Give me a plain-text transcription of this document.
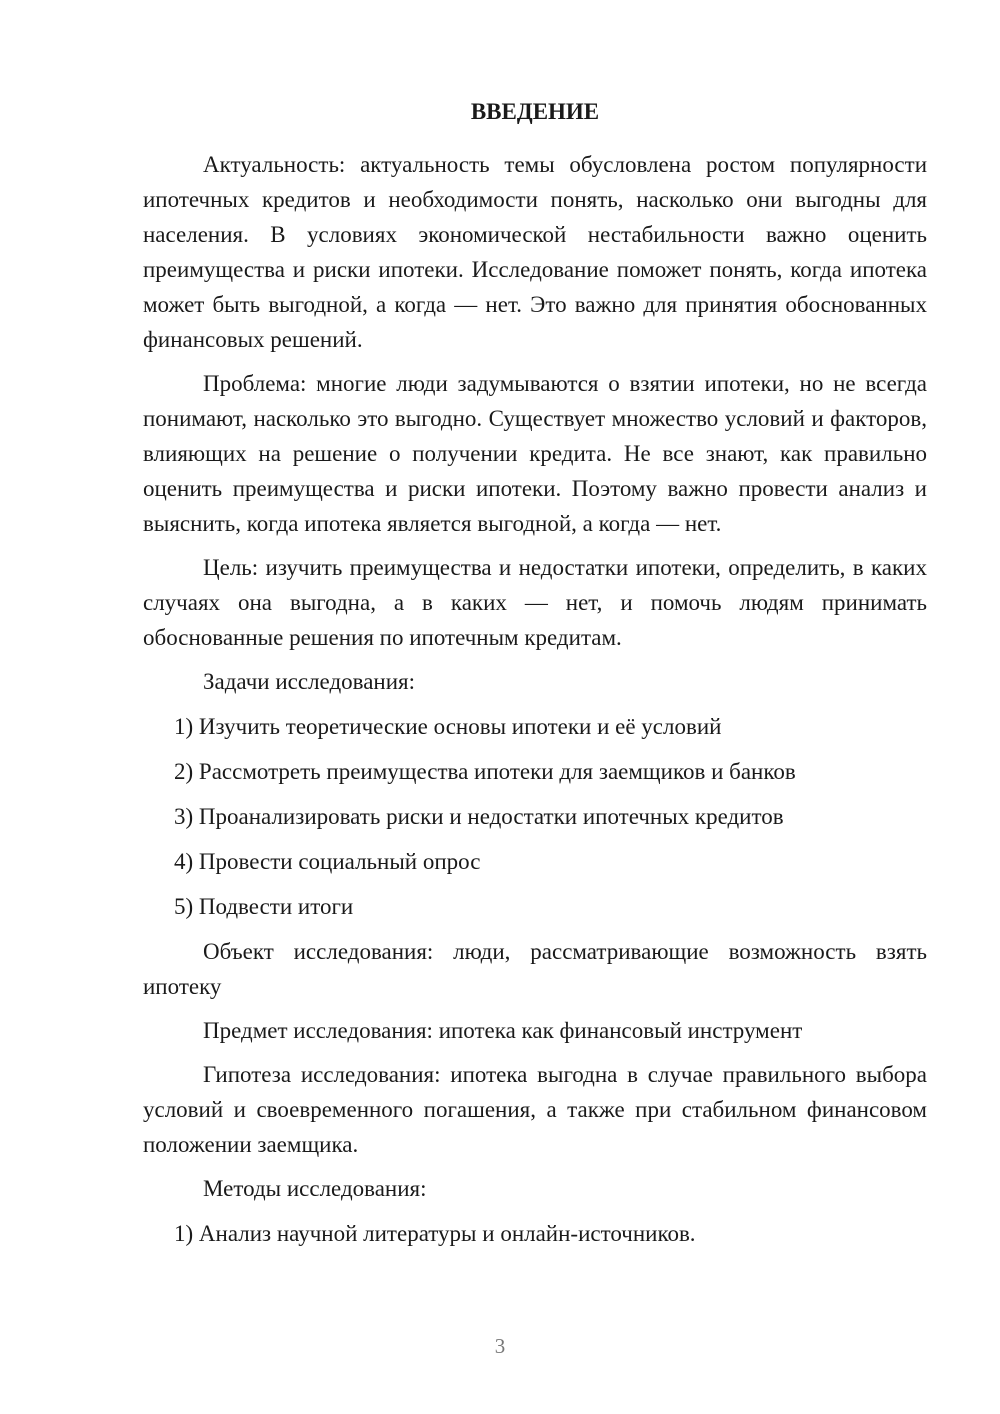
ВВЕДЕНИЕ

Актуальность: актуальность темы обусловлена ростом популярности ипотечных кредитов и необходимости понять, насколько они выгодны для населения. В условиях экономической нестабильности важно оценить преимущества и риски ипотеки. Исследование поможет понять, когда ипотека может быть выгодной, а когда — нет. Это важно для принятия обоснованных финансовых решений.

Проблема: многие люди задумываются о взятии ипотеки, но не всегда понимают, насколько это выгодно. Существует множество условий и факторов, влияющих на решение о получении кредита. Не все знают, как правильно оценить преимущества и риски ипотеки. Поэтому важно провести анализ и выяснить, когда ипотека является выгодной, а когда — нет.

Цель: изучить преимущества и недостатки ипотеки, определить, в каких случаях она выгодна, а в каких — нет, и помочь людям принимать обоснованные решения по ипотечным кредитам.

Задачи исследования:
1) Изучить теоретические основы ипотеки и её условий
2) Рассмотреть преимущества ипотеки для заемщиков и банков
3) Проанализировать риски и недостатки ипотечных кредитов
4) Провести социальный опрос
5) Подвести итоги

Объект исследования: люди, рассматривающие возможность взять ипотеку

Предмет исследования: ипотека как финансовый инструмент

Гипотеза исследования: ипотека выгодна в случае правильного выбора условий и своевременного погашения, а также при стабильном финансовом положении заемщика.

Методы исследования:
1) Анализ научной литературы и онлайн-источников.
3
